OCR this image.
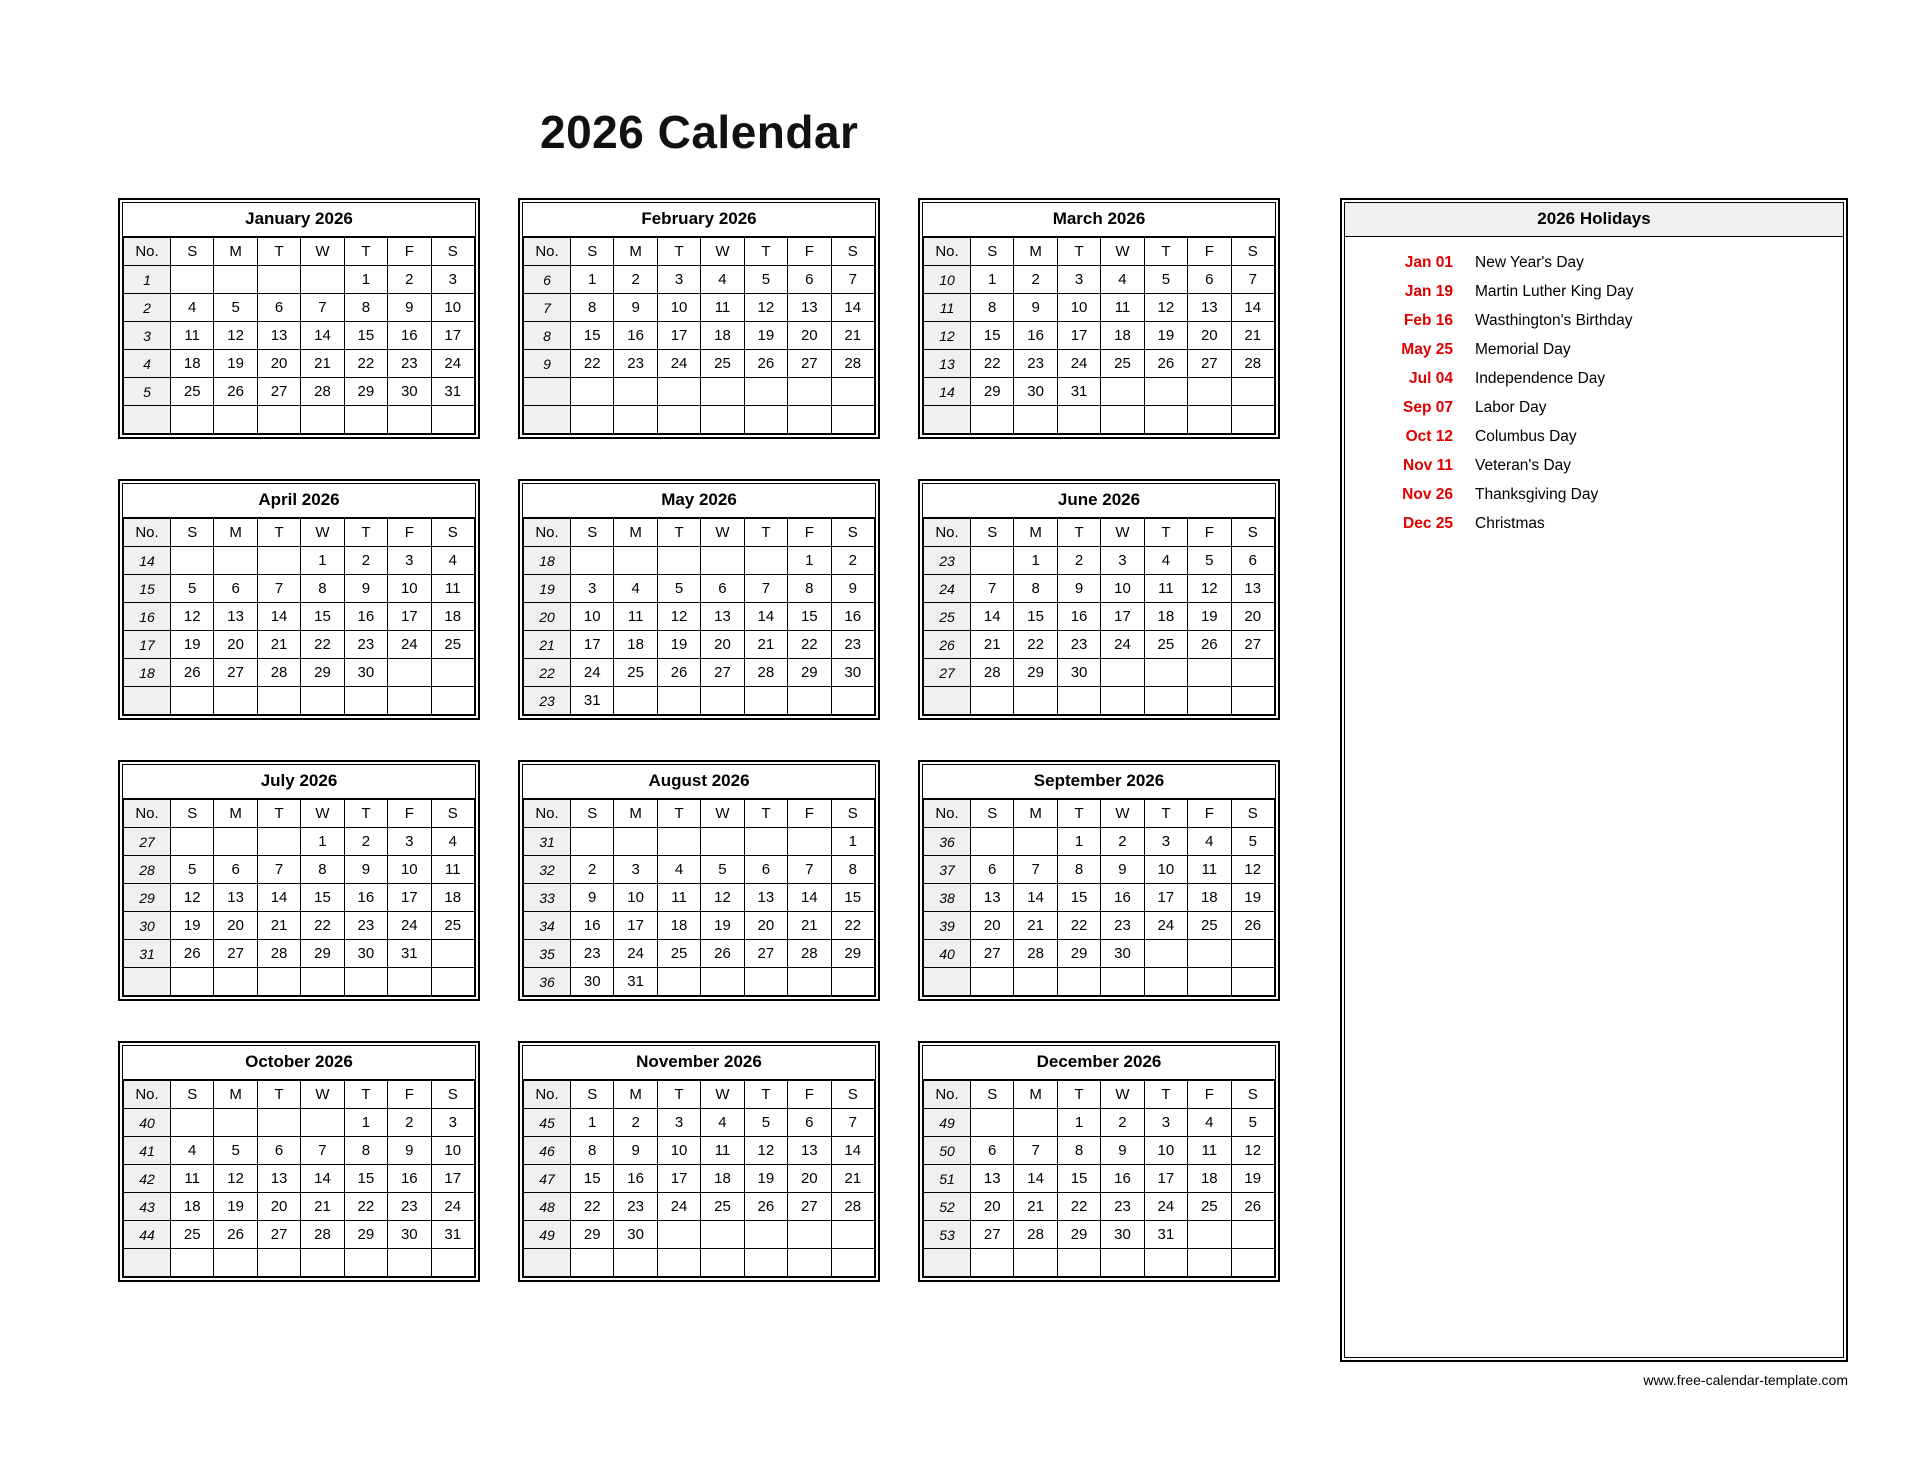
2026 Calendar
January 2026
No.	S	M	T	W	T	F	S
1					1	2	3
2	4	5	6	7	8	9	10
3	11	12	13	14	15	16	17
4	18	19	20	21	22	23	24
5	25	26	27	28	29	30	31

February 2026
No.	S	M	T	W	T	F	S
6	1	2	3	4	5	6	7
7	8	9	10	11	12	13	14
8	15	16	17	18	19	20	21
9	22	23	24	25	26	27	28

March 2026
No.	S	M	T	W	T	F	S
10	1	2	3	4	5	6	7
11	8	9	10	11	12	13	14
12	15	16	17	18	19	20	21
13	22	23	24	25	26	27	28
14	29	30	31				

April 2026
No.	S	M	T	W	T	F	S
14				1	2	3	4
15	5	6	7	8	9	10	11
16	12	13	14	15	16	17	18
17	19	20	21	22	23	24	25
18	26	27	28	29	30		

May 2026
No.	S	M	T	W	T	F	S
18						1	2
19	3	4	5	6	7	8	9
20	10	11	12	13	14	15	16
21	17	18	19	20	21	22	23
22	24	25	26	27	28	29	30
23	31						
June 2026
No.	S	M	T	W	T	F	S
23		1	2	3	4	5	6
24	7	8	9	10	11	12	13
25	14	15	16	17	18	19	20
26	21	22	23	24	25	26	27
27	28	29	30				

July 2026
No.	S	M	T	W	T	F	S
27				1	2	3	4
28	5	6	7	8	9	10	11
29	12	13	14	15	16	17	18
30	19	20	21	22	23	24	25
31	26	27	28	29	30	31	

August 2026
No.	S	M	T	W	T	F	S
31							1
32	2	3	4	5	6	7	8
33	9	10	11	12	13	14	15
34	16	17	18	19	20	21	22
35	23	24	25	26	27	28	29
36	30	31					
September 2026
No.	S	M	T	W	T	F	S
36			1	2	3	4	5
37	6	7	8	9	10	11	12
38	13	14	15	16	17	18	19
39	20	21	22	23	24	25	26
40	27	28	29	30			

October 2026
No.	S	M	T	W	T	F	S
40					1	2	3
41	4	5	6	7	8	9	10
42	11	12	13	14	15	16	17
43	18	19	20	21	22	23	24
44	25	26	27	28	29	30	31

November 2026
No.	S	M	T	W	T	F	S
45	1	2	3	4	5	6	7
46	8	9	10	11	12	13	14
47	15	16	17	18	19	20	21
48	22	23	24	25	26	27	28
49	29	30					

December 2026
No.	S	M	T	W	T	F	S
49			1	2	3	4	5
50	6	7	8	9	10	11	12
51	13	14	15	16	17	18	19
52	20	21	22	23	24	25	26
53	27	28	29	30	31		

2026 Holidays
Jan 01	New Year's Day
Jan 19	Martin Luther King Day
Feb 16	Wasthington's Birthday
May 25	Memorial Day
Jul 04	Independence Day
Sep 07	Labor Day
Oct 12	Columbus Day
Nov 11	Veteran's Day
Nov 26	Thanksgiving Day
Dec 25	Christmas
www.free-calendar-template.com
